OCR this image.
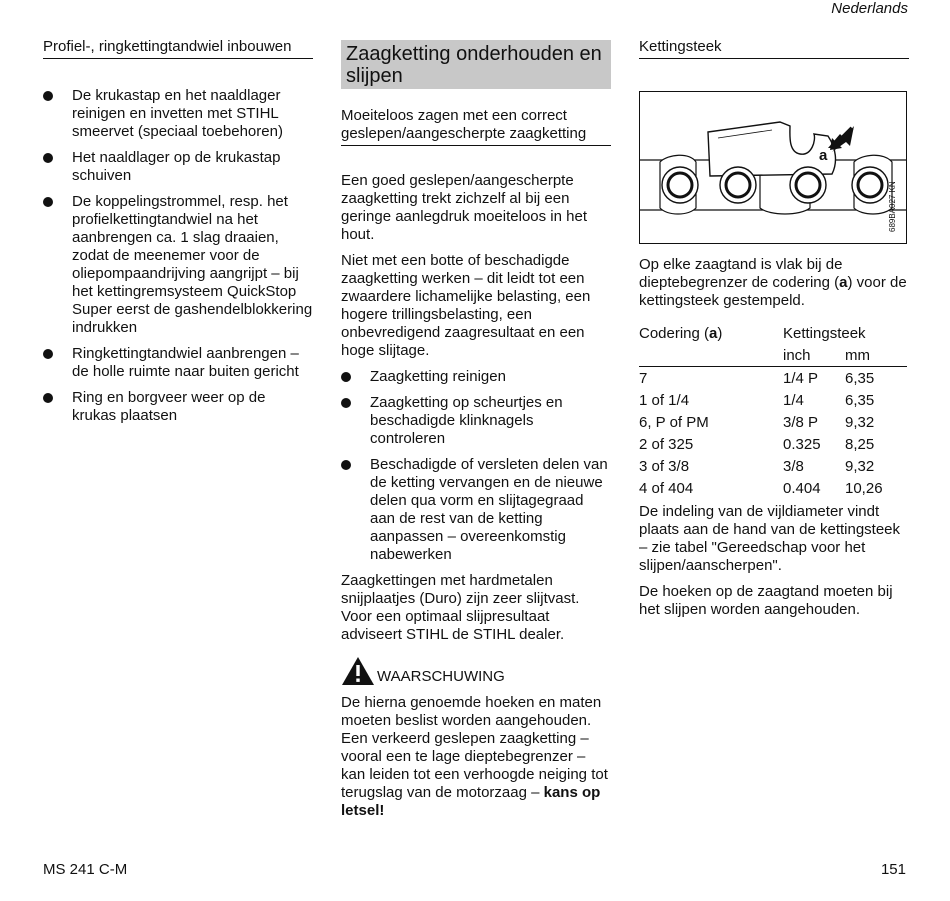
Nederlands
Profiel-, ringkettingtandwiel inbouwen
De krukastap en het naaldlager reinigen en invetten met STIHL smeervet (speciaal toebehoren)
Het naaldlager op de krukastap schuiven
De koppelingstrommel, resp. het profielkettingtandwiel na het aanbrengen ca. 1 slag draaien, zodat de meenemer voor de oliepompaandrijving aangrijpt – bij het kettingremsysteem QuickStop Super eerst de gashendelblokkering indrukken
Ringkettingtandwiel aanbrengen – de holle ruimte naar buiten gericht
Ring en borgveer weer op de krukas plaatsen
Zaagketting onderhouden en slijpen
Moeiteloos zagen met een correct geslepen/aangescherpte zaagketting
Een goed geslepen/aangescherpte zaagketting trekt zichzelf al bij een geringe aanlegdruk moeiteloos in het hout.
Niet met een botte of beschadigde zaagketting werken – dit leidt tot een zwaardere lichamelijke belasting, een hogere trillingsbelasting, een onbevredigend zaagresultaat en een hoge slijtage.
Zaagketting reinigen
Zaagketting op scheurtjes en beschadigde klinknagels controleren
Beschadigde of versleten delen van de ketting vervangen en de nieuwe delen qua vorm en slijtagegraad aan de rest van de ketting aanpassen – overeenkomstig nabewerken
Zaagkettingen met hardmetalen snijplaatjes (Duro) zijn zeer slijtvast. Voor een optimaal slijpresultaat adviseert STIHL de STIHL dealer.
WAARSCHUWING
De hierna genoemde hoeken en maten moeten beslist worden aangehouden. Een verkeerd geslepen zaagketting – vooral een te lage dieptebegrenzer – kan leiden tot een verhoogde neiging tot terugslag van de motorzaag – kans op letsel!
Kettingsteek
a
689BA027 KN
Op elke zaagtand is vlak bij de dieptebegrenzer de codering (a) voor de kettingsteek gestempeld.
Codering (a)	Kettingsteek	
	inch	mm
7	1/4 P	6,35
1 of 1/4	1/4	6,35
6, P of PM	3/8 P	9,32
2 of 325	0.325	8,25
3 of 3/8	3/8	9,32
4 of 404	0.404	10,26
De indeling van de vijldiameter vindt plaats aan de hand van de kettingsteek – zie tabel "Gereedschap voor het slijpen/aanscherpen".
De hoeken op de zaagtand moeten bij het slijpen worden aangehouden.
MS 241 C-M	151
